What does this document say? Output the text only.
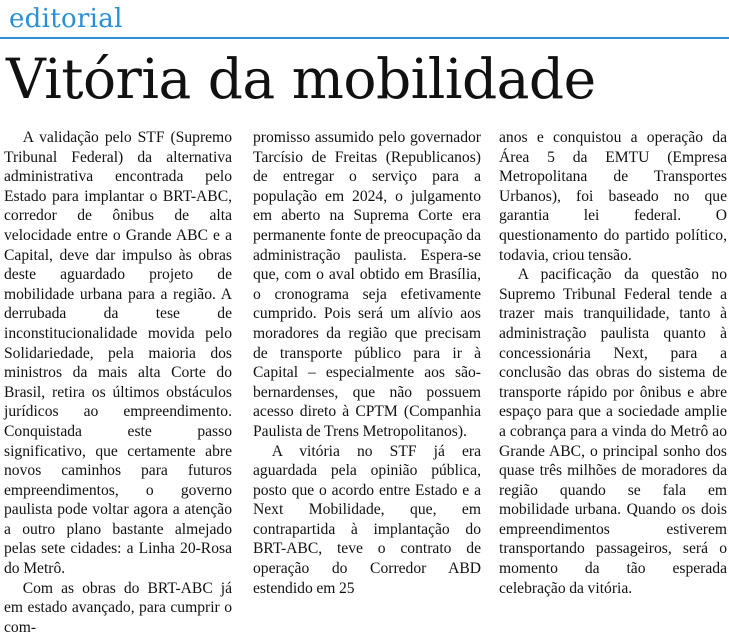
editorial
Vitória da mobilidade

A validação pelo STF (Supremo Tribunal Federal) da alternativa administrativa encontrada pelo Estado para implantar o BRT-ABC, corredor de ônibus de alta velocidade entre o Grande ABC e a Capital, deve dar impulso às obras deste aguardado projeto de mobilidade urbana para a região. A derrubada da tese de inconstitucionalidade movida pelo Solidariedade, pela maioria dos ministros da mais alta Corte do Brasil, retira os últimos obstáculos jurídicos ao empreendimento. Conquistada este passo significativo, que certamente abre novos caminhos para futuros empreendimentos, o governo paulista pode voltar agora a atenção a outro plano bastante almejado pelas sete cidades: a Linha 20-Rosa do Metrô.

Com as obras do BRT-ABC já em estado avançado, para cumprir o com-

promisso assumido pelo governador Tarcísio de Freitas (Republicanos) de entregar o serviço para a população em 2024, o julgamento em aberto na Suprema Corte era permanente fonte de preocupação da administração paulista. Espera-se que, com o aval obtido em Brasília, o cronograma seja efetivamente cumprido. Pois será um alívio aos moradores da região que precisam de transporte público para ir à Capital – especialmente aos são-bernardenses, que não possuem acesso direto à CPTM (Companhia Paulista de Trens Metropolitanos).

A vitória no STF já era aguardada pela opinião pública, posto que o acordo entre Estado e a Next Mobilidade, que, em contrapartida à implantação do BRT-ABC, teve o contrato de operação do Corredor ABD estendido em 25

anos e conquistou a operação da Área 5 da EMTU (Empresa Metropolitana de Transportes Urbanos), foi baseado no que garantia lei federal. O questionamento do partido político, todavia, criou tensão.

A pacificação da questão no Supremo Tribunal Federal tende a trazer mais tranquilidade, tanto à administração paulista quanto à concessionária Next, para a conclusão das obras do sistema de transporte rápido por ônibus e abre espaço para que a sociedade amplie a cobrança para a vinda do Metrô ao Grande ABC, o principal sonho dos quase três milhões de moradores da região quando se fala em mobilidade urbana. Quando os dois empreendimentos estiverem transportando passageiros, será o momento da tão esperada celebração da vitória.
